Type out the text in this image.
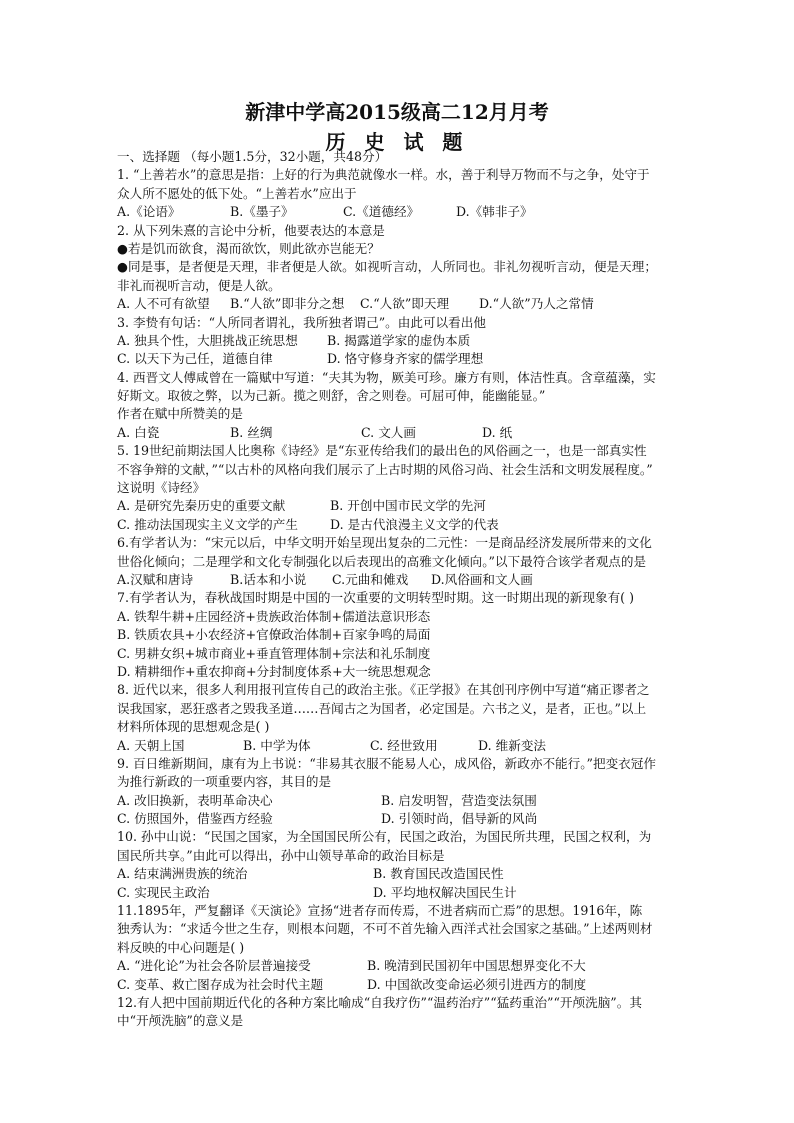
新津中学高2015级高二12月月考
历 史 试 题
一、选择题 （每小题1.5分，32小题，共48分）
1. “上善若水”的意思是指：上好的行为典范就像水一样。水，善于利导万物而不与之争，处守于
众人所不愿处的低下处。“上善若水”应出于
A.《论语》	B.《墨子》	C.《道德经》	D.《韩非子》
2. 从下列朱熹的言论中分析，他要表达的本意是
●若是饥而欲食，渴而欲饮，则此欲亦岂能无？
●同是事，是者便是天理，非者便是人欲。如视听言动，人所同也。非礼勿视听言动，便是天理；
非礼而视听言动，便是人欲。
A. 人不可有欲望	B.“人欲”即非分之想	C.“人欲”即天理	D.“人欲”乃人之常情
3. 李贽有句话：“人所同者谓礼，我所独者谓己”。由此可以看出他
A. 独具个性，大胆挑战正统思想	B. 揭露道学家的虚伪本质
C. 以天下为己任，道德自律	D. 恪守修身齐家的儒学理想
4. 西晋文人傅咸曾在一篇赋中写道：“夫其为物，厥美可珍。廉方有则，体洁性真。含章蕴藻，实
好斯文。取彼之弊，以为己新。揽之则舒，舍之则卷。可屈可伸，能幽能显。”
作者在赋中所赞美的是
A. 白瓷	B. 丝绸	C. 文人画	D. 纸
5. 19世纪前期法国人比奥称《诗经》是“东亚传给我们的最出色的风俗画之一，也是一部真实性
不容争辩的文献，”“以古朴的风格向我们展示了上古时期的风俗习尚、社会生活和文明发展程度。”
这说明《诗经》
A. 是研究先秦历史的重要文献	B. 开创中国市民文学的先河
C. 推动法国现实主义文学的产生	D. 是古代浪漫主义文学的代表
6.有学者认为：“宋元以后，中华文明开始呈现出复杂的二元性：一是商品经济发展所带来的文化
世俗化倾向；二是理学和文化专制强化以后表现出的高雅文化倾向。”以下最符合该学者观点的是
A.汉赋和唐诗	B.话本和小说	C.元曲和傩戏	D.风俗画和文人画
7.有学者认为，春秋战国时期是中国的一次重要的文明转型时期。这一时期出现的新现象有( )
A. 铁犁牛耕+庄园经济+贵族政治体制+儒道法意识形态
B. 铁质农具+小农经济+官僚政治体制+百家争鸣的局面
C. 男耕女织+城市商业+垂直管理体制+宗法和礼乐制度
D. 精耕细作+重农抑商+分封制度体系+大一统思想观念
8. 近代以来，很多人利用报刊宣传自己的政治主张。《正学报》在其创刊序例中写道“痛正谬者之
误我国家，恶狂惑者之毁我圣道……吾闻古之为国者，必定国是。六书之义，是者，正也。”以上
材料所体现的思想观念是( )
A. 天朝上国	B. 中学为体	C. 经世致用	D. 维新变法
9. 百日维新期间，康有为上书说：“非易其衣服不能易人心，成风俗，新政亦不能行。”把变衣冠作
为推行新政的一项重要内容，其目的是
A. 改旧换新，表明革命决心	B. 启发明智，营造变法氛围
C. 仿照国外，借鉴西方经验	D. 引领时尚，倡导新的风尚
10. 孙中山说：“民国之国家，为全国国民所公有，民国之政治，为国民所共理，民国之权利，为
国民所共享。”由此可以得出，孙中山领导革命的政治目标是
A. 结束满洲贵族的统治	B. 教育国民改造国民性
C. 实现民主政治	D. 平均地权解决国民生计
11.1895年，严复翻译《天演论》宣扬“进者存而传焉，不进者病而亡焉”的思想。1916年，陈
独秀认为：“求适今世之生存，则根本问题，不可不首先输入西洋式社会国家之基础。”上述两则材
料反映的中心问题是( )
A. “进化论”为社会各阶层普遍接受	B. 晚清到民国初年中国思想界变化不大
C. 变革、救亡图存成为社会时代主题	D. 中国欲改变命运必须引进西方的制度
12.有人把中国前期近代化的各种方案比喻成“自我疗伤”“温药治疗”“猛药重治”“开颅洗脑”。其
中“开颅洗脑”的意义是
